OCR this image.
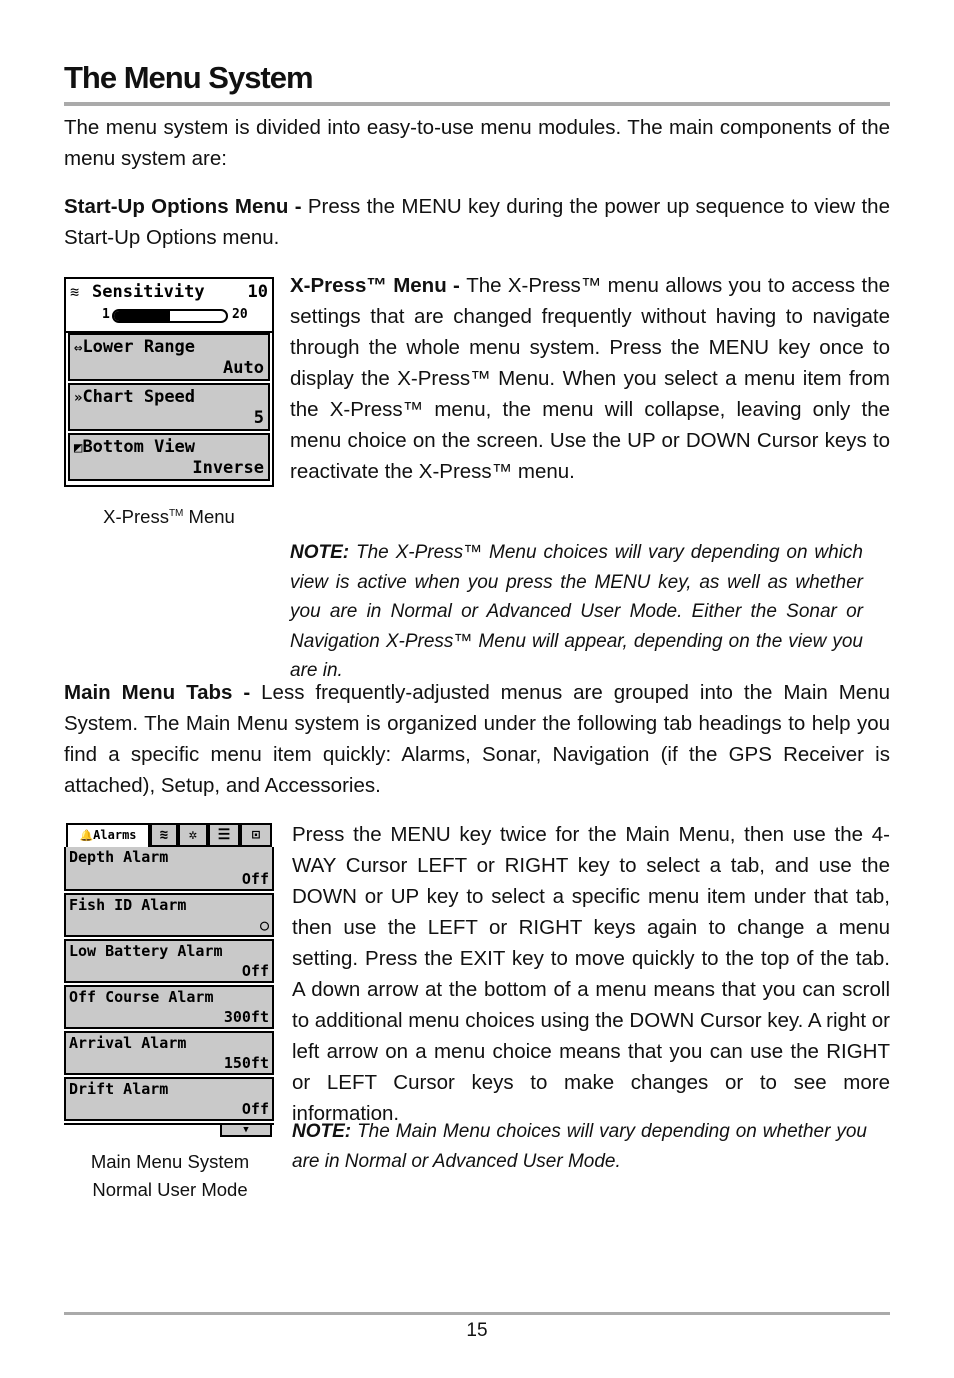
The Menu System
The menu system is divided into easy-to-use menu modules. The main components of the menu system are:
Start-Up Options Menu - Press the MENU key during the power up sequence to view the Start-Up Options menu.
≋ Sensitivity	10
1	20
⇔Lower Range
Auto
»Chart Speed
5
◩Bottom View
Inverse
X-Press™ Menu
X-Press™ Menu - The X-Press™ menu allows you to access the settings that are changed frequently without having to navigate through the whole menu system. Press the MENU key once to display the X-Press™ Menu. When you select a menu item from the X-Press™ menu, the menu will collapse, leaving only the menu choice on the screen. Use the UP or DOWN Cursor keys to reactivate the X-Press™ menu.
NOTE: The X-Press™ Menu choices will vary depending on which view is active when you press the MENU key, as well as whether you are in Normal or Advanced User Mode. Either the Sonar or Navigation X-Press™ Menu will appear, depending on the view you are in.
Main Menu Tabs - Less frequently-adjusted menus are grouped into the Main Menu System. The Main Menu system is organized under the following tab headings to help you find a specific menu item quickly: Alarms, Sonar, Navigation (if the GPS Receiver is attached), Setup, and Accessories.
🔔Alarms	≋	✲	☰	⊡
Depth Alarm
Off
Fish ID Alarm
○
Low Battery Alarm
Off
Off Course Alarm
300ft
Arrival Alarm
150ft
Drift Alarm
Off
▼
Main Menu System
Normal User Mode
Press the MENU key twice for the Main Menu, then use the 4-WAY Cursor LEFT or RIGHT key to select a tab, and use the DOWN or UP key to select a specific menu item under that tab, then use the LEFT or RIGHT keys again to change a menu setting. Press the EXIT key to move quickly to the top of the tab. A down arrow at the bottom of a menu means that you can scroll to additional menu choices using the DOWN Cursor key. A right or left arrow on a menu choice means that you can use the RIGHT or LEFT Cursor keys to make changes or to see more information.
NOTE: The Main Menu choices will vary depending on whether you are in Normal or Advanced User Mode.
15
